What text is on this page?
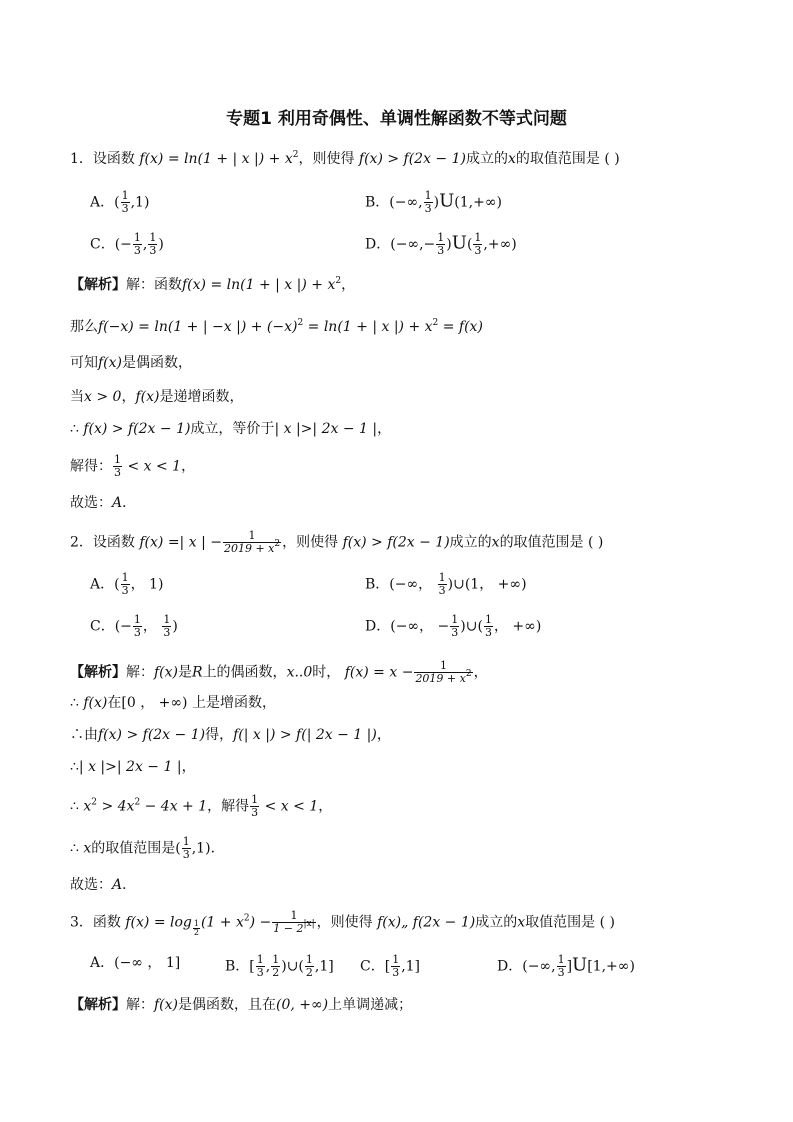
专题1 利用奇偶性、单调性解函数不等式问题
1．设函数 f(x) = ln(1 + | x |) + $x^2$，则使得 f(x) > f(2x − 1)成立的x的取值范围是 ( )
A．( $\frac{1}{3} ,1$)	B．(−∞, $\frac{1}{3} )U(1,+\infty)$
C．(− $\frac{1}{3}$ , $\frac{1}{3}$ )	D．(−∞,− $\frac{1}{3} )U( \frac{1}{3}$ ,+∞)
【解析】解：函数f(x) = ln(1 + | x |) + $x^2$，
那么f(−x) = ln(1 + | −x |) + $(-x)^2 = \ln(1$ + | x |) + $x^2 = f(x)$
可知f(x)是偶函数，
当x > 0，f(x)是递增函数，
∴ f(x) > f(2x − 1)成立，等价于| x |>| 2x − 1 |，
解得： $\frac{1}{3} < x < 1$，
故选：A．
2．设函数 f(x) =| x | − $\frac{1}{2019 + x^2}$ ，则使得 f(x) > f(2x − 1)成立的x的取值范围是 ( )
A．( $\frac{1}{3}$ ， 1)	B．(−∞， $\frac{1}{3}$ )∪(1， +∞)
C．(− $\frac{1}{3}$ ， $\frac{1}{3}$ )	D．(−∞， − $\frac{1}{3}$ )∪( $\frac{1}{3}$ ， +∞)
【解析】解：f(x)是R上的偶函数，x..0时， $f(x) = x - \frac{1}{2019 + x^2}$ ，
∴ f(x)在[0 ， +∞) 上是增函数，
∴由f(x) > f(2x − 1)得，f(| x |) > f(| 2x − 1 |)，
∴| x |>| 2x − 1 |，
∴ $x^2 > 4x^2 - 4x + 1$，解得 $\frac{1}{3} < x < 1$，
∴ x的取值范围是( $\frac{1}{3} ,1$)．
故选：A．
3．函数 f(x) = log $_{\frac{1}{2}}$ $(1 + x^2) - \frac{1}{1 - 2^{|x|}}$ ，则使得 f(x)„ f(2x − 1)成立的x取值范围是 ( )
A．(−∞ ， 1]	B．[ $\frac{1}{3}$ , $\frac{1}{2}$ )∪( $\frac{1}{2} ,1$] C．[ $\frac{1}{3} ,1$]	D．(−∞, $\frac{1}{3} ]U[1,+\infty)$
【解析】解：f(x)是偶函数，且在(0, +∞)上单调递减；
